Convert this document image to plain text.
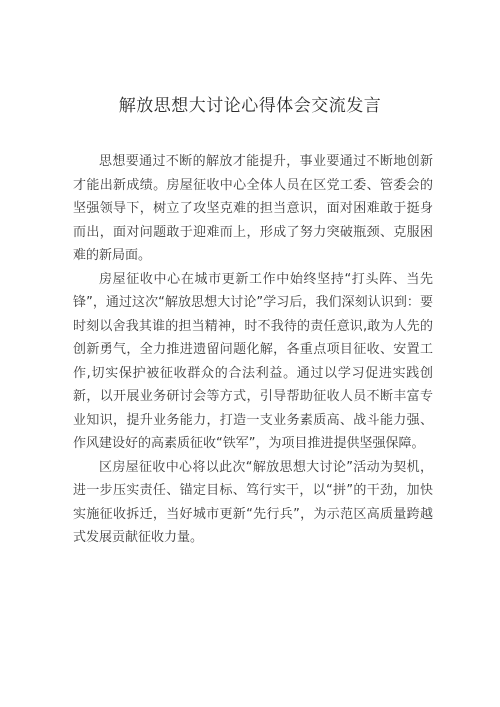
解放思想大讨论心得体会交流发言

思想要通过不断的解放才能提升，事业要通过不断地创新才能出新成绩。房屋征收中心全体人员在区党工委、管委会的坚强领导下，树立了攻坚克难的担当意识，面对困难敢于挺身而出，面对问题敢于迎难而上，形成了努力突破瓶颈、克服困难的新局面。

房屋征收中心在城市更新工作中始终坚持“打头阵、当先锋”，通过这次“解放思想大讨论”学习后，我们深刻认识到：要时刻以舍我其谁的担当精神，时不我待的责任意识,敢为人先的创新勇气，全力推进遗留问题化解，各重点项目征收、安置工作,切实保护被征收群众的合法利益。通过以学习促进实践创新，以开展业务研讨会等方式，引导帮助征收人员不断丰富专业知识，提升业务能力，打造一支业务素质高、战斗能力强、作风建设好的高素质征收“铁军”，为项目推进提供坚强保障。

区房屋征收中心将以此次“解放思想大讨论”活动为契机，进一步压实责任、锚定目标、笃行实干，以“拼”的干劲，加快实施征收拆迁，当好城市更新“先行兵”，为示范区高质量跨越式发展贡献征收力量。
